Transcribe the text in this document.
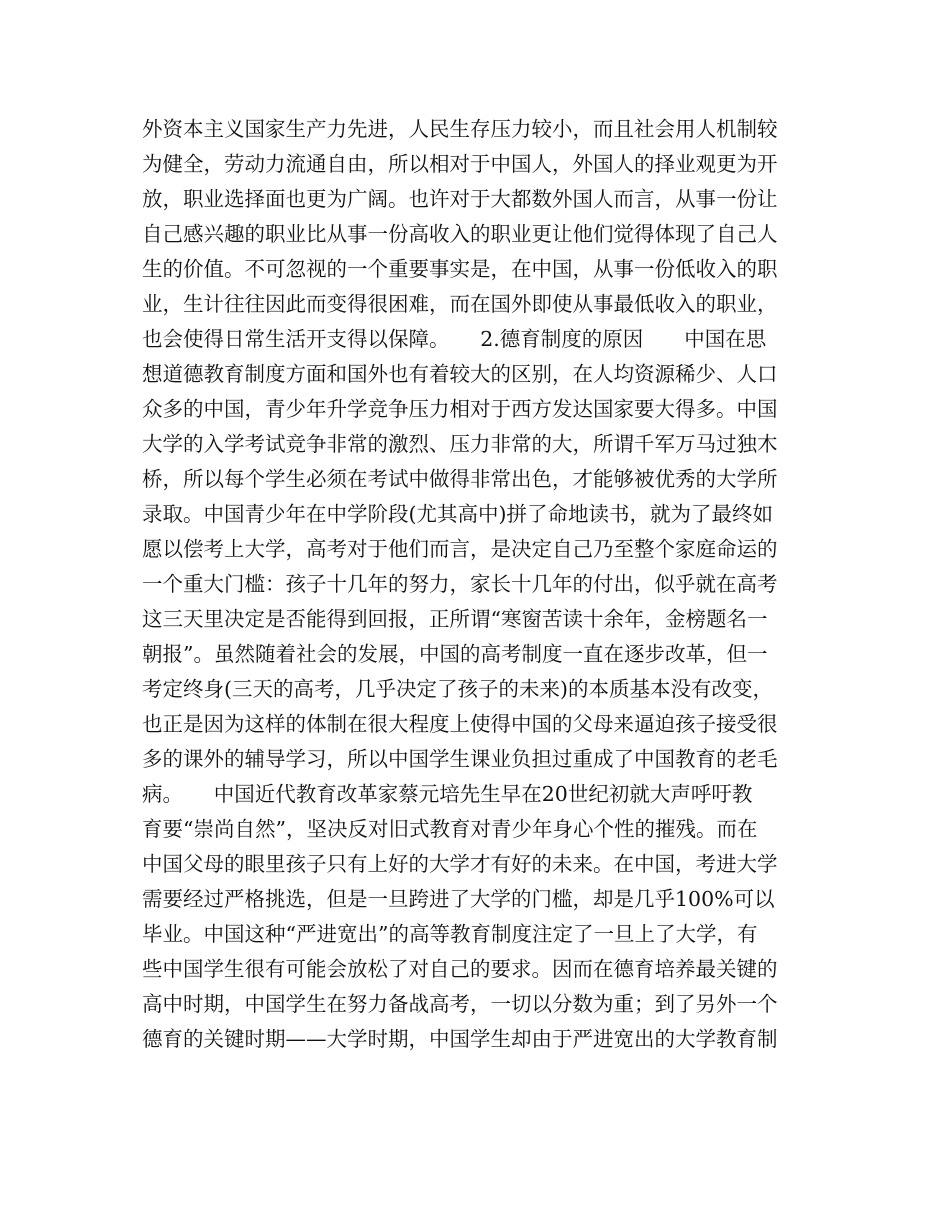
外资本主义国家生产力先进，人民生存压力较小，而且社会用人机制较
为健全，劳动力流通自由，所以相对于中国人，外国人的择业观更为开
放，职业选择面也更为广阔。也许对于大都数外国人而言，从事一份让
自己感兴趣的职业比从事一份高收入的职业更让他们觉得体现了自己人
生的价值。不可忽视的一个重要事实是，在中国，从事一份低收入的职
业，生计往往因此而变得很困难，而在国外即使从事最低收入的职业，
也会使得日常生活开支得以保障。　　2.德育制度的原因　　中国在思
想道德教育制度方面和国外也有着较大的区别，在人均资源稀少、人口
众多的中国，青少年升学竞争压力相对于西方发达国家要大得多。中国
大学的入学考试竞争非常的激烈、压力非常的大，所谓千军万马过独木
桥，所以每个学生必须在考试中做得非常出色，才能够被优秀的大学所
录取。中国青少年在中学阶段(尤其高中)拼了命地读书，就为了最终如
愿以偿考上大学，高考对于他们而言，是决定自己乃至整个家庭命运的
一个重大门槛：孩子十几年的努力，家长十几年的付出，似乎就在高考
这三天里决定是否能得到回报，正所谓“寒窗苦读十余年，金榜题名一
朝报”。虽然随着社会的发展，中国的高考制度一直在逐步改革，但一
考定终身(三天的高考，几乎决定了孩子的未来)的本质基本没有改变，
也正是因为这样的体制在很大程度上使得中国的父母来逼迫孩子接受很
多的课外的辅导学习，所以中国学生课业负担过重成了中国教育的老毛
病。　　中国近代教育改革家蔡元培先生早在20世纪初就大声呼吁教
育要“崇尚自然”，坚决反对旧式教育对青少年身心个性的摧残。而在
中国父母的眼里孩子只有上好的大学才有好的未来。在中国，考进大学
需要经过严格挑选，但是一旦跨进了大学的门槛，却是几乎100%可以
毕业。中国这种“严进宽出”的高等教育制度注定了一旦上了大学，有
些中国学生很有可能会放松了对自己的要求。因而在德育培养最关键的
高中时期，中国学生在努力备战高考，一切以分数为重；到了另外一个
德育的关键时期——大学时期，中国学生却由于严进宽出的大学教育制
